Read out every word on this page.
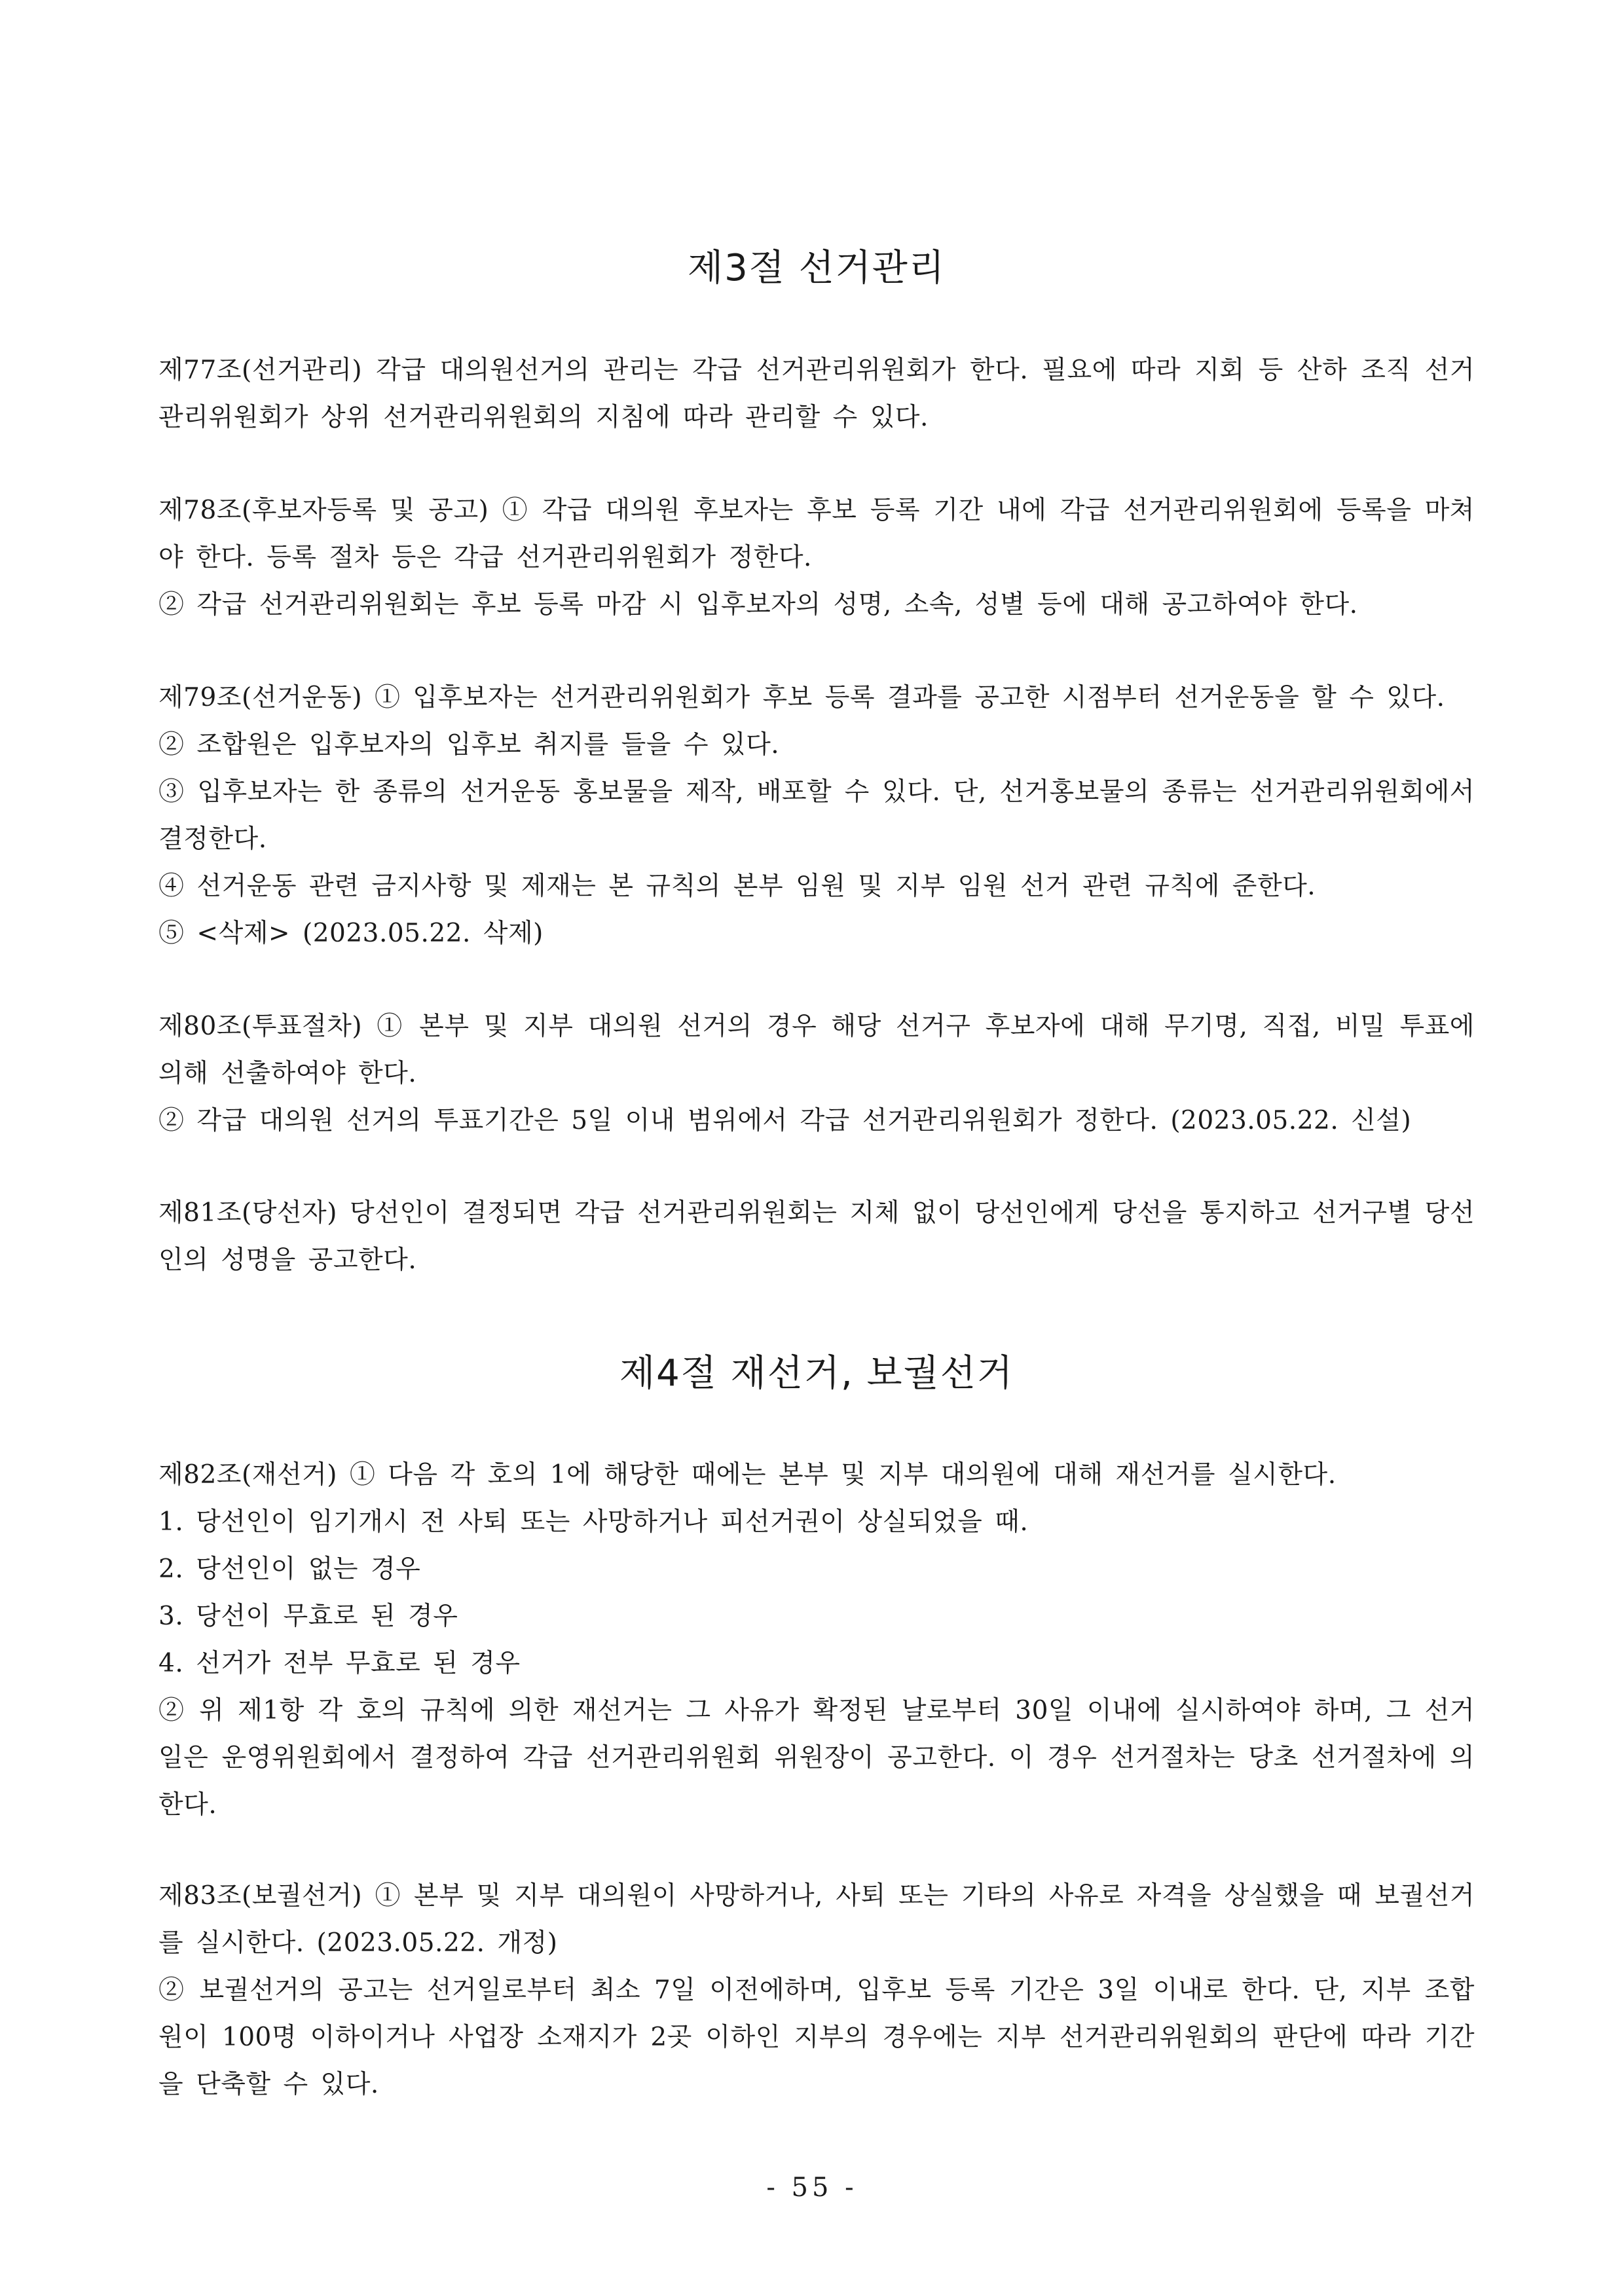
제3절 선거관리

제77조(선거관리) 각급 대의원선거의 관리는 각급 선거관리위원회가 한다. 필요에 따라 지회 등 산하 조직 선거관리위원회가 상위 선거관리위원회의 지침에 따라 관리할 수 있다.

제78조(후보자등록 및 공고) ① 각급 대의원 후보자는 후보 등록 기간 내에 각급 선거관리위원회에 등록을 마쳐야 한다. 등록 절차 등은 각급 선거관리위원회가 정한다.

② 각급 선거관리위원회는 후보 등록 마감 시 입후보자의 성명, 소속, 성별 등에 대해 공고하여야 한다.

제79조(선거운동) ① 입후보자는 선거관리위원회가 후보 등록 결과를 공고한 시점부터 선거운동을 할 수 있다.

② 조합원은 입후보자의 입후보 취지를 들을 수 있다.

③ 입후보자는 한 종류의 선거운동 홍보물을 제작, 배포할 수 있다. 단, 선거홍보물의 종류는 선거관리위원회에서 결정한다.

④ 선거운동 관련 금지사항 및 제재는 본 규칙의 본부 임원 및 지부 임원 선거 관련 규칙에 준한다.

⑤ <삭제> (2023.05.22. 삭제)

제80조(투표절차) ① 본부 및 지부 대의원 선거의 경우 해당 선거구 후보자에 대해 무기명, 직접, 비밀 투표에 의해 선출하여야 한다.

② 각급 대의원 선거의 투표기간은 5일 이내 범위에서 각급 선거관리위원회가 정한다. (2023.05.22. 신설)

제81조(당선자) 당선인이 결정되면 각급 선거관리위원회는 지체 없이 당선인에게 당선을 통지하고 선거구별 당선인의 성명을 공고한다.

제4절 재선거, 보궐선거

제82조(재선거) ① 다음 각 호의 1에 해당한 때에는 본부 및 지부 대의원에 대해 재선거를 실시한다.

1. 당선인이 임기개시 전 사퇴 또는 사망하거나 피선거권이 상실되었을 때.

2. 당선인이 없는 경우

3. 당선이 무효로 된 경우

4. 선거가 전부 무효로 된 경우

② 위 제1항 각 호의 규칙에 의한 재선거는 그 사유가 확정된 날로부터 30일 이내에 실시하여야 하며, 그 선거일은 운영위원회에서 결정하여 각급 선거관리위원회 위원장이 공고한다. 이 경우 선거절차는 당초 선거절차에 의한다.

제83조(보궐선거) ① 본부 및 지부 대의원이 사망하거나, 사퇴 또는 기타의 사유로 자격을 상실했을 때 보궐선거를 실시한다. (2023.05.22. 개정)

② 보궐선거의 공고는 선거일로부터 최소 7일 이전에하며, 입후보 등록 기간은 3일 이내로 한다. 단, 지부 조합원이 100명 이하이거나 사업장 소재지가 2곳 이하인 지부의 경우에는 지부 선거관리위원회의 판단에 따라 기간을 단축할 수 있다.

- 55 -
